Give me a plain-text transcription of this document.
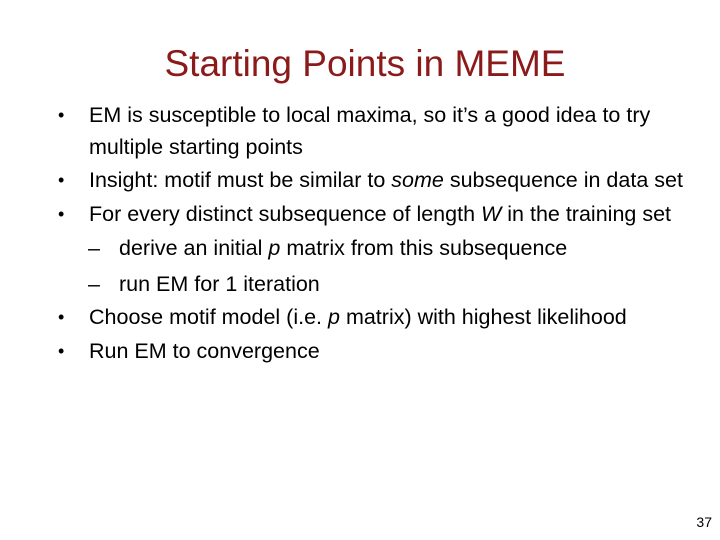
Starting Points in MEME
•	EM is susceptible to local maxima, so it’s a good idea to try multiple starting points
•	Insight: motif must be similar to some subsequence in data set
•	For every distinct subsequence of length W in the training set
– derive an initial p matrix from this subsequence
– run EM for 1 iteration
•	Choose motif model (i.e. p matrix) with highest likelihood
•	Run EM to convergence
37
